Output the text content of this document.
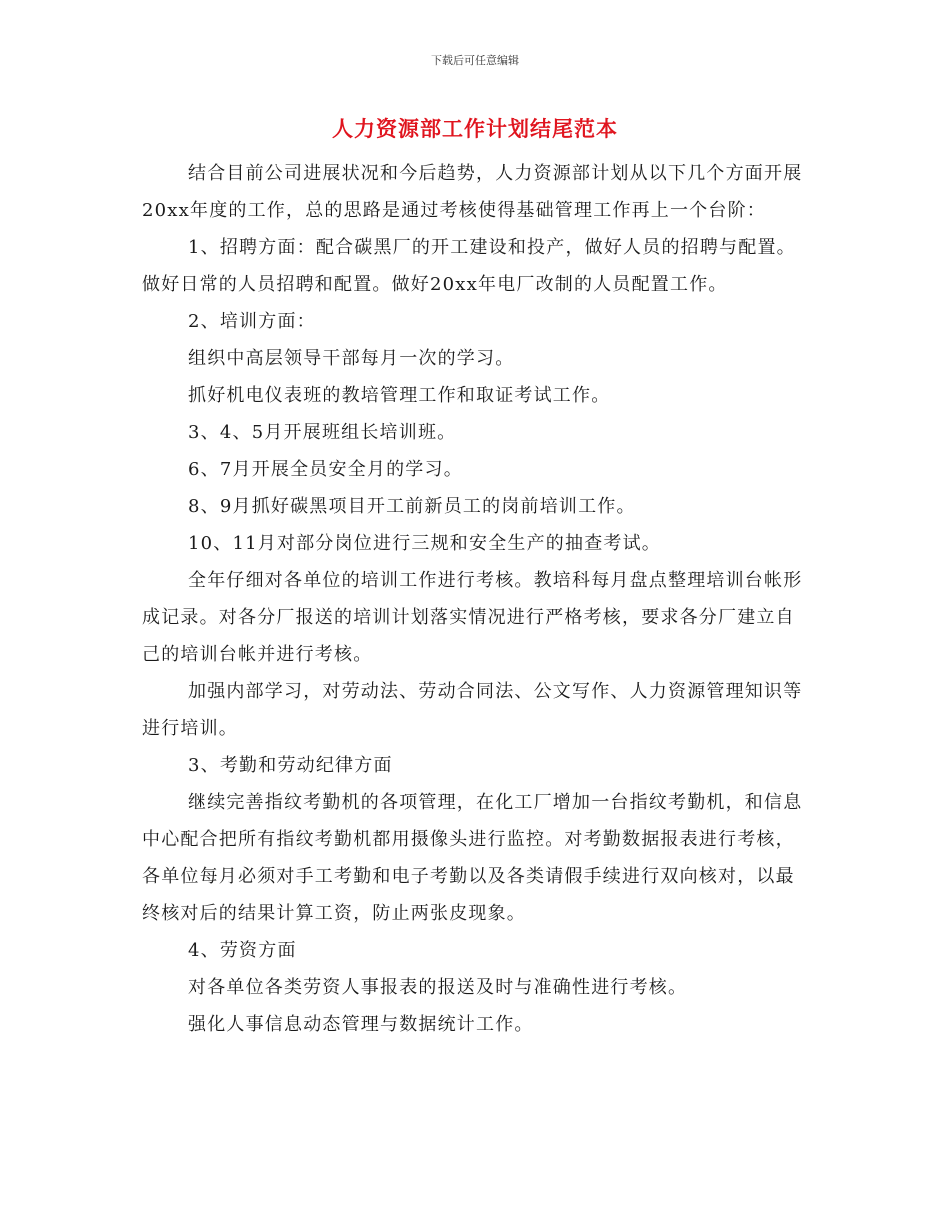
下载后可任意编辑
人力资源部工作计划结尾范本

结合目前公司进展状况和今后趋势，人力资源部计划从以下几个方面开展20xx年度的工作，总的思路是通过考核使得基础管理工作再上一个台阶：

1、招聘方面：配合碳黑厂的开工建设和投产，做好人员的招聘与配置。做好日常的人员招聘和配置。做好20xx年电厂改制的人员配置工作。

2、培训方面：

组织中高层领导干部每月一次的学习。

抓好机电仪表班的教培管理工作和取证考试工作。

3、4、5月开展班组长培训班。

6、7月开展全员安全月的学习。

8、9月抓好碳黑项目开工前新员工的岗前培训工作。

10、11月对部分岗位进行三规和安全生产的抽查考试。

全年仔细对各单位的培训工作进行考核。教培科每月盘点整理培训台帐形成记录。对各分厂报送的培训计划落实情况进行严格考核，要求各分厂建立自己的培训台帐并进行考核。

加强内部学习，对劳动法、劳动合同法、公文写作、人力资源管理知识等进行培训。

3、考勤和劳动纪律方面

继续完善指纹考勤机的各项管理，在化工厂增加一台指纹考勤机，和信息中心配合把所有指纹考勤机都用摄像头进行监控。对考勤数据报表进行考核，各单位每月必须对手工考勤和电子考勤以及各类请假手续进行双向核对，以最终核对后的结果计算工资，防止两张皮现象。

4、劳资方面

对各单位各类劳资人事报表的报送及时与准确性进行考核。

强化人事信息动态管理与数据统计工作。
